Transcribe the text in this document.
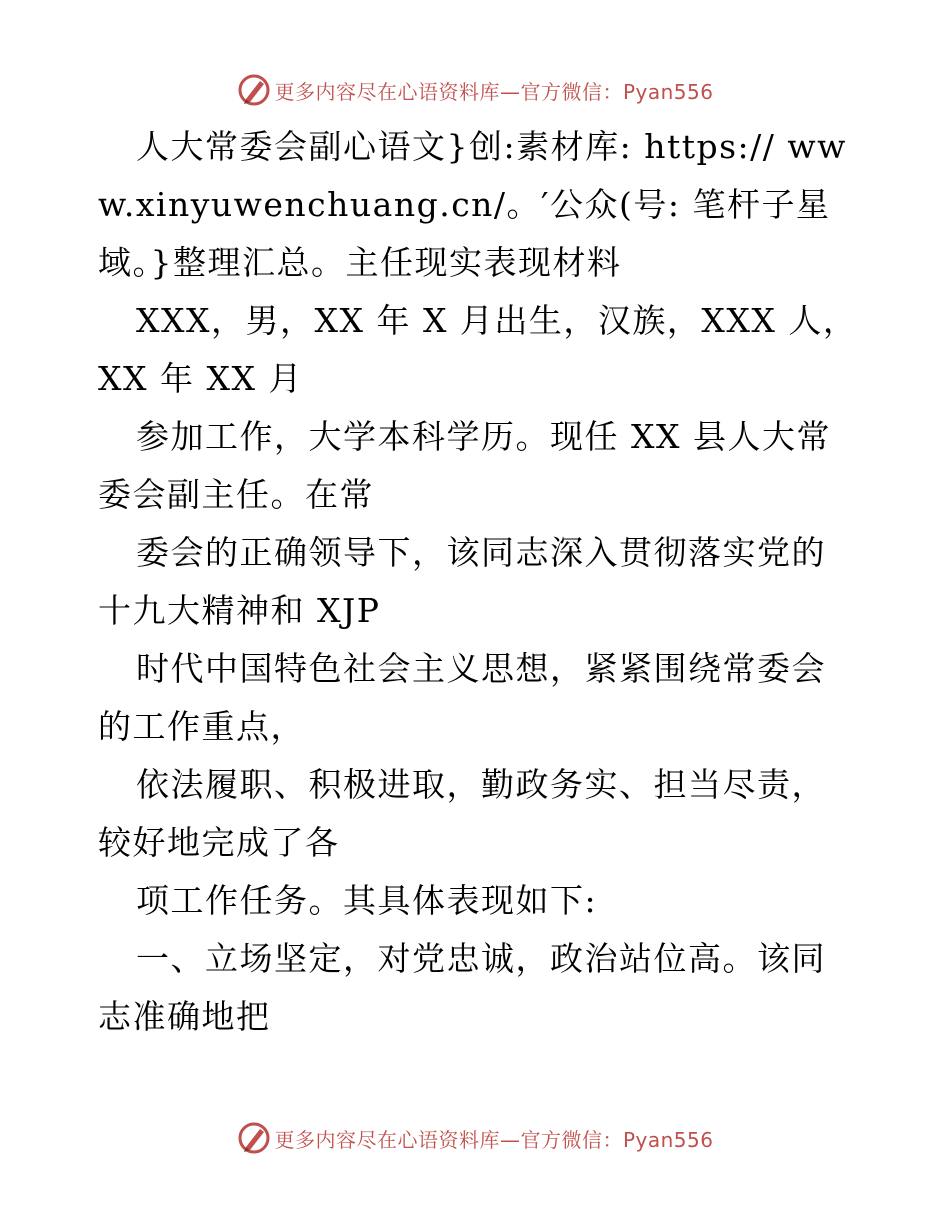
更多内容尽在心语资料库—官方微信：Pyan556

人大常委会副心语文}创:素材库: https:// www.xinyuwenchuang.cn/。′公众(号: 笔杆子星域。}整理汇总。主任现实表现材料

XXX，男，XX 年 X 月出生，汉族，XXX 人，XX 年 XX 月

参加工作，大学本科学历。现任 XX 县人大常委会副主任。在常

委会的正确领导下，该同志深入贯彻落实党的十九大精神和 XJP

时代中国特色社会主义思想，紧紧围绕常委会的工作重点，

依法履职、积极进取，勤政务实、担当尽责，较好地完成了各

项工作任务。其具体表现如下:

一、立场坚定，对党忠诚，政治站位高。该同志准确地把

更多内容尽在心语资料库—官方微信：Pyan556
